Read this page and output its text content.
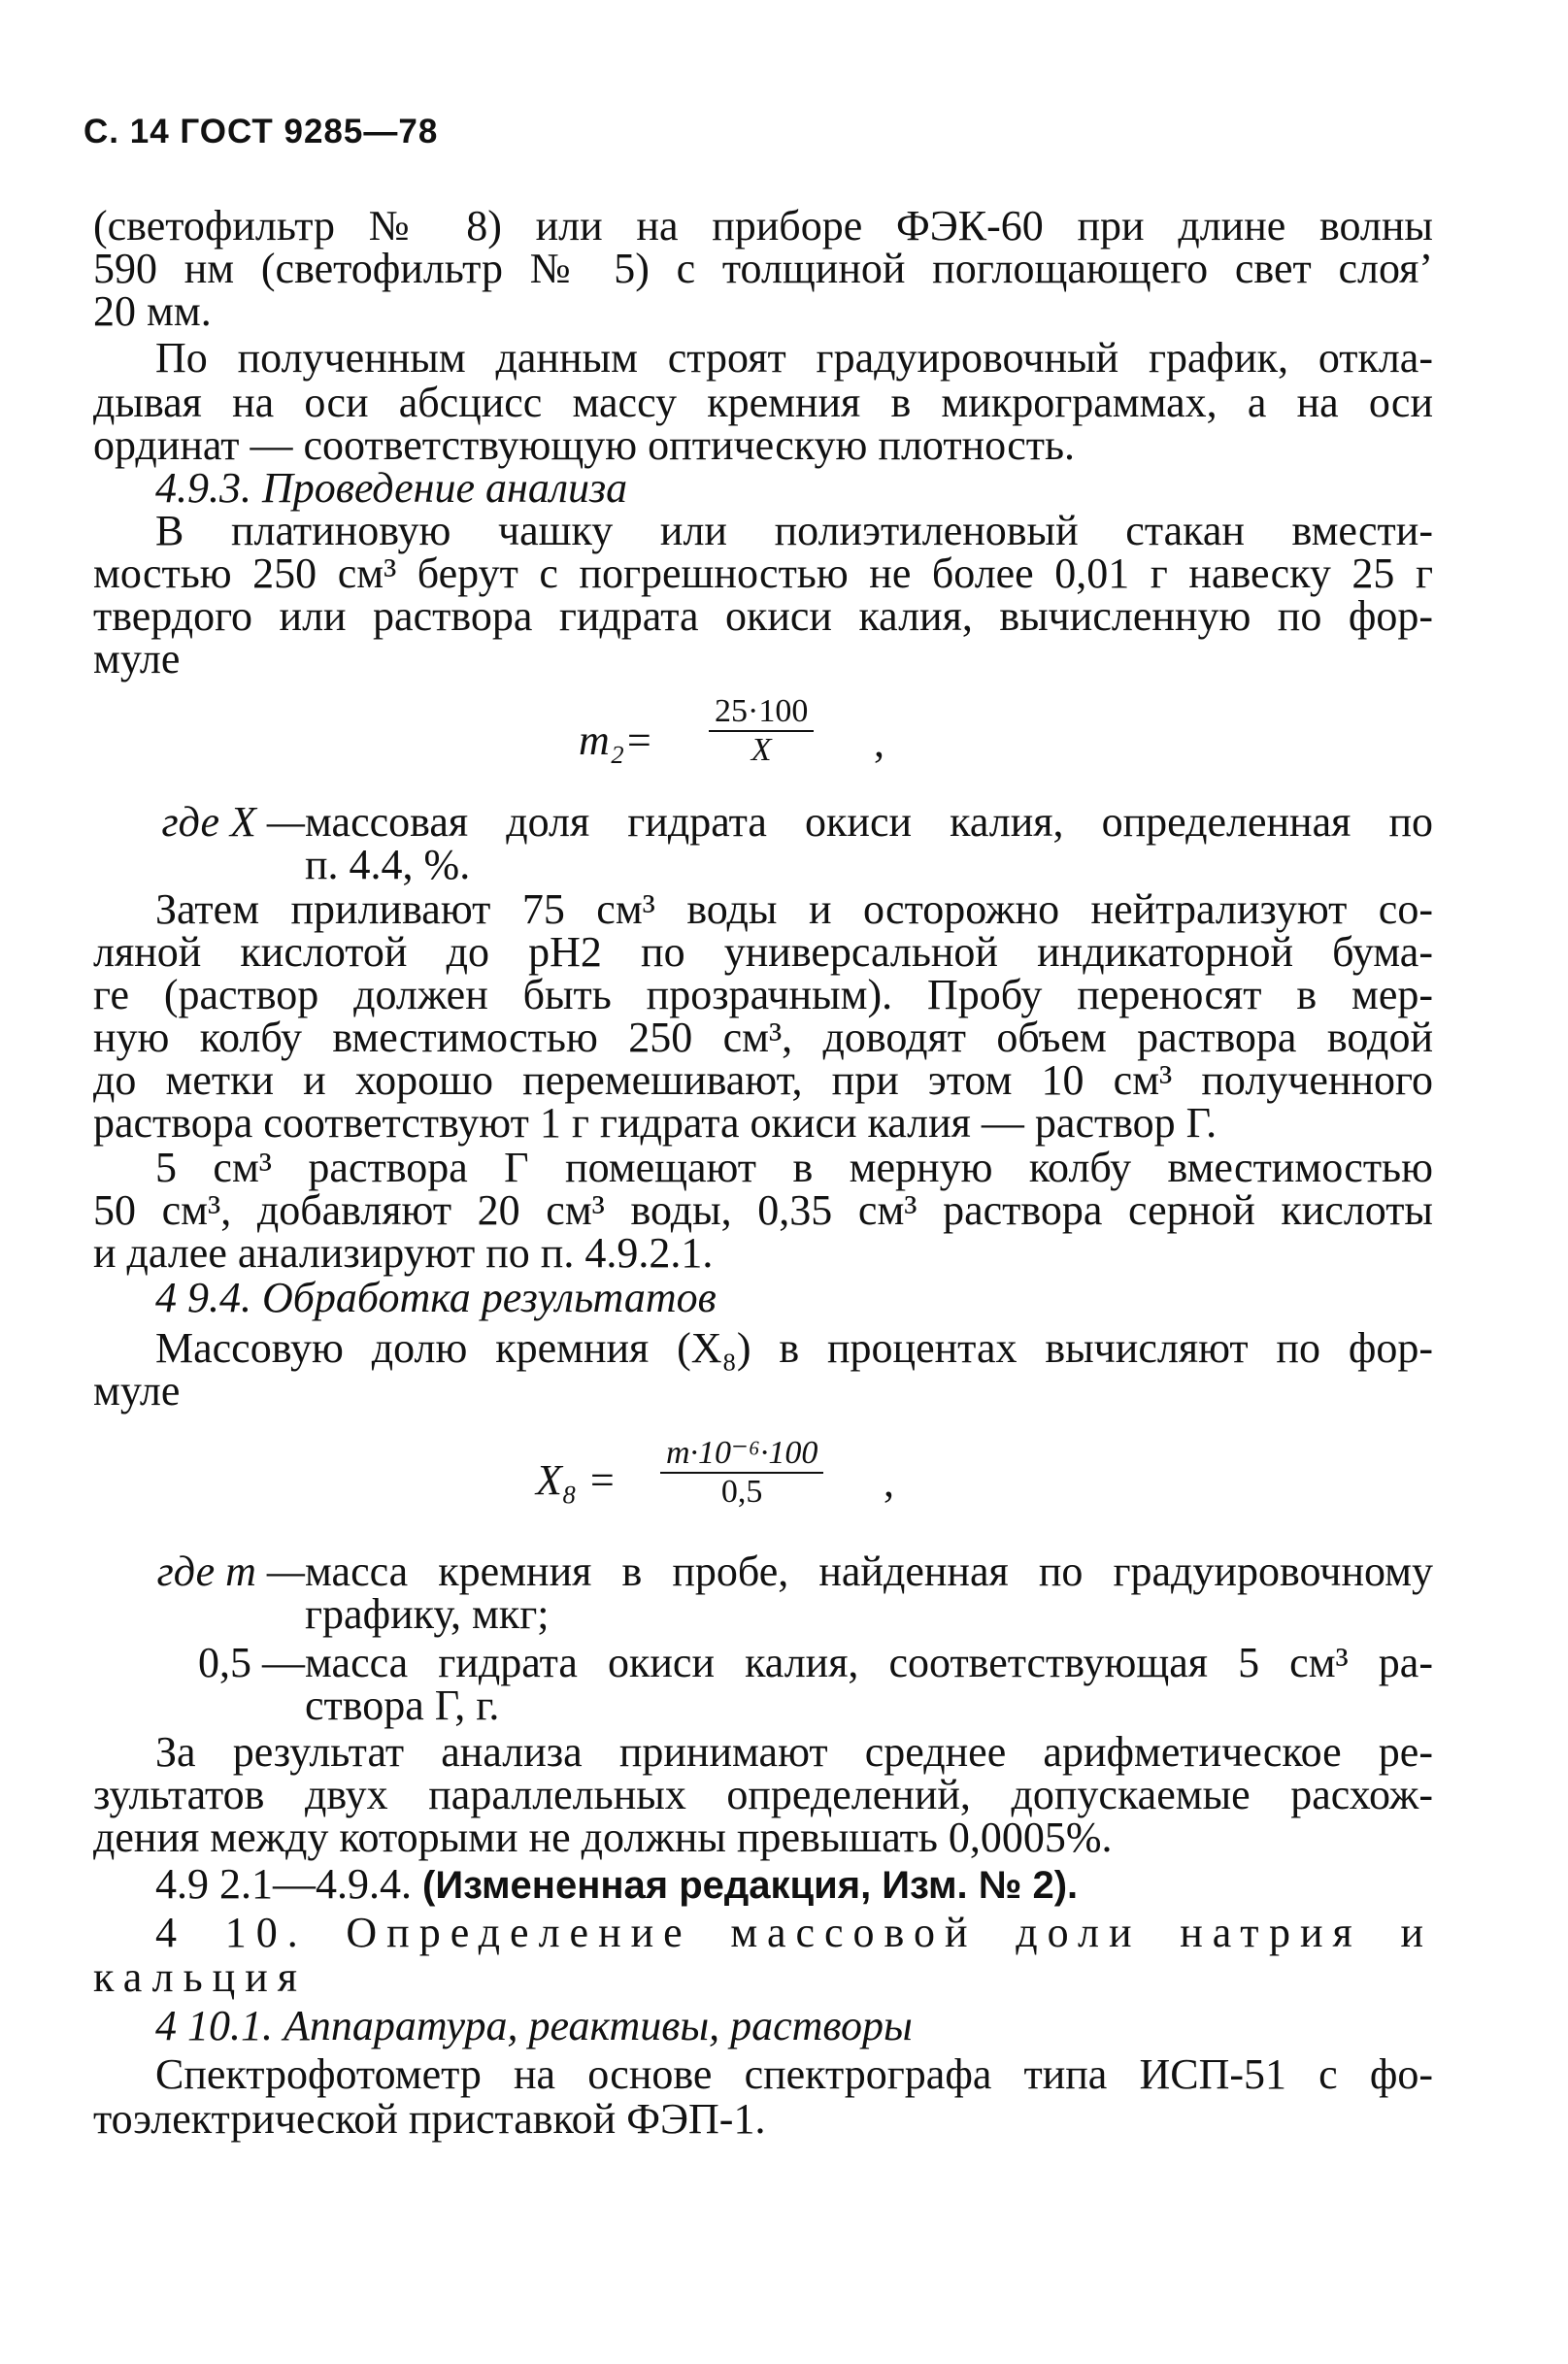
С. 14 ГОСТ 9285—78
(светофильтр № 8) или на приборе ФЭК-60 при длине волны
590 нм (светофильтр № 5) с толщиной поглощающего свет слоя’
20 мм.
По полученным данным строят градуировочный график, откла-
дывая на оси абсцисс массу кремния в микрограммах, а на оси
ординат — соответствующую оптическую плотность.
4.9.3. Проведение анализа
В платиновую чашку или полиэтиленовый стакан вмести-
мостью 250 см³ берут с погрешностью не более 0,01 г навеску 25 г
твердого или раствора гидрата окиси калия, вычисленную по фор-
муле
$m_2= \frac{25\cdot 100}{X}$ ,
где X — массовая доля гидрата окиси калия, определенная по
п. 4.4, %.
Затем приливают 75 см³ воды и осторожно нейтрализуют со-
ляной кислотой до pH2 по универсальной индикаторной бума-
ге (раствор должен быть прозрачным). Пробу переносят в мер-
ную колбу вместимостью 250 см³, доводят объем раствора водой
до метки и хорошо перемешивают, при этом 10 см³ полученного
раствора соответствуют 1 г гидрата окиси калия — раствор Г.
5 см³ раствора Г помещают в мерную колбу вместимостью
50 см³, добавляют 20 см³ воды, 0,35 см³ раствора серной кислоты
и далее анализируют по п. 4.9.2.1.
4 9.4. Обработка результатов
Массовую долю кремния (X₈) в процентах вычисляют по фор-
муле
$X_8 = \frac{\text{m·10⁻⁶·100}}{0,5}$ ,
где m — масса кремния в пробе, найденная по градуировочному
графику, мкг;
0,5 — масса гидрата окиси калия, соответствующая 5 см³ ра-
створа Г, г.
За результат анализа принимают среднее арифметическое ре-
зультатов двух параллельных определений, допускаемые расхож-
дения между которыми не должны превышать 0,0005%.
4.9 2.1—4.9.4. (Измененная редакция, Изм. № 2).
4 10. Определение массовой доли натрия и
кальция
4 10.1. Аппаратура, реактивы, растворы
Спектрофотометр на основе спектрографа типа ИСП-51 с фо-
тоэлектрической приставкой ФЭП-1.
